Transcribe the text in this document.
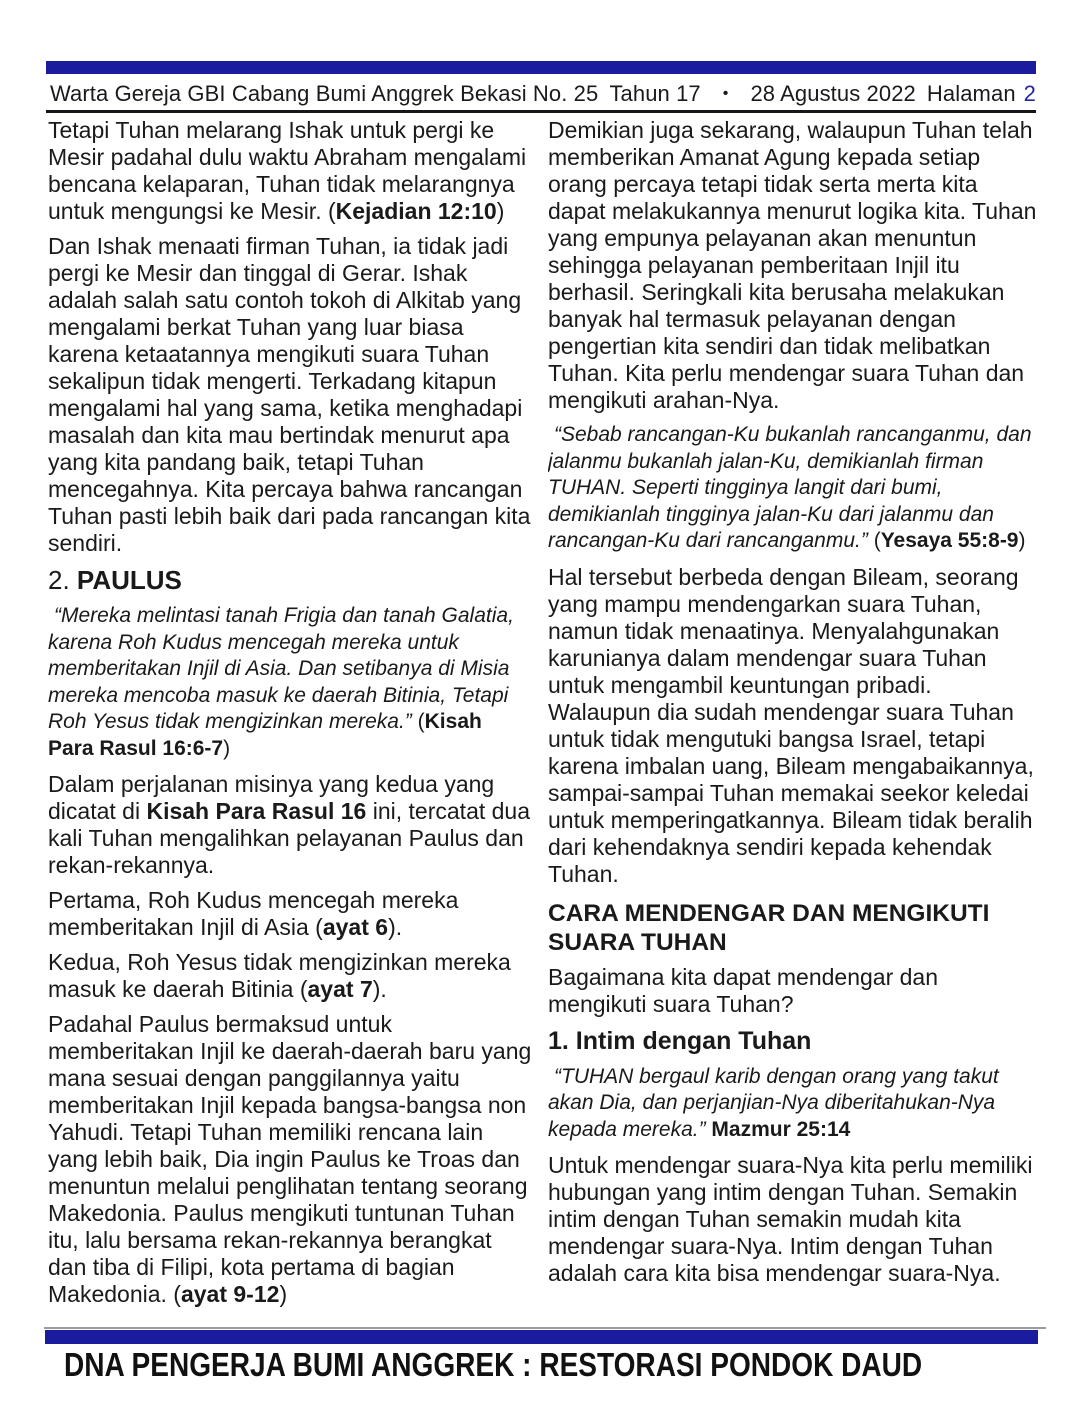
Warta Gereja GBI Cabang Bumi Anggrek Bekasi No. 25 Tahun 17 • 28 Agustus 2022 Halaman 2

Tetapi Tuhan melarang Ishak untuk pergi ke Mesir padahal dulu waktu Abraham mengalami bencana kelaparan, Tuhan tidak melarangnya untuk mengungsi ke Mesir. (Kejadian 12:10)

Dan Ishak menaati firman Tuhan, ia tidak jadi pergi ke Mesir dan tinggal di Gerar. Ishak adalah salah satu contoh tokoh di Alkitab yang mengalami berkat Tuhan yang luar biasa karena ketaatannya mengikuti suara Tuhan sekalipun tidak mengerti. Terkadang kitapun mengalami hal yang sama, ketika menghadapi masalah dan kita mau bertindak menurut apa yang kita pandang baik, tetapi Tuhan mencegahnya. Kita percaya bahwa rancangan Tuhan pasti lebih baik dari pada rancangan kita sendiri.

2. PAULUS

“Mereka melintasi tanah Frigia dan tanah Galatia, karena Roh Kudus mencegah mereka untuk memberitakan Injil di Asia. Dan setibanya di Misia mereka mencoba masuk ke daerah Bitinia, Tetapi Roh Yesus tidak mengizinkan mereka.” (Kisah Para Rasul 16:6-7)

Dalam perjalanan misinya yang kedua yang dicatat di Kisah Para Rasul 16 ini, tercatat dua kali Tuhan mengalihkan pelayanan Paulus dan rekan-rekannya.

Pertama, Roh Kudus mencegah mereka memberitakan Injil di Asia (ayat 6).

Kedua, Roh Yesus tidak mengizinkan mereka masuk ke daerah Bitinia (ayat 7).

Padahal Paulus bermaksud untuk memberitakan Injil ke daerah-daerah baru yang mana sesuai dengan panggilannya yaitu memberitakan Injil kepada bangsa-bangsa non Yahudi. Tetapi Tuhan memiliki rencana lain yang lebih baik, Dia ingin Paulus ke Troas dan menuntun melalui penglihatan tentang seorang Makedonia. Paulus mengikuti tuntunan Tuhan itu, lalu bersama rekan-rekannya berangkat dan tiba di Filipi, kota pertama di bagian Makedonia. (ayat 9-12)

Demikian juga sekarang, walaupun Tuhan telah memberikan Amanat Agung kepada setiap orang percaya tetapi tidak serta merta kita dapat melakukannya menurut logika kita. Tuhan yang empunya pelayanan akan menuntun sehingga pelayanan pemberitaan Injil itu berhasil. Seringkali kita berusaha melakukan banyak hal termasuk pelayanan dengan pengertian kita sendiri dan tidak melibatkan Tuhan. Kita perlu mendengar suara Tuhan dan mengikuti arahan-Nya.

“Sebab rancangan-Ku bukanlah rancanganmu, dan jalanmu bukanlah jalan-Ku, demikianlah firman TUHAN. Seperti tingginya langit dari bumi, demikianlah tingginya jalan-Ku dari jalanmu dan rancangan-Ku dari rancanganmu.” (Yesaya 55:8-9)

Hal tersebut berbeda dengan Bileam, seorang yang mampu mendengarkan suara Tuhan, namun tidak menaatinya. Menyalahgunakan karunianya dalam mendengar suara Tuhan untuk mengambil keuntungan pribadi. Walaupun dia sudah mendengar suara Tuhan untuk tidak mengutuki bangsa Israel, tetapi karena imbalan uang, Bileam mengabaikannya, sampai-sampai Tuhan memakai seekor keledai untuk memperingatkannya. Bileam tidak beralih dari kehendaknya sendiri kepada kehendak Tuhan.

CARA MENDENGAR DAN MENGIKUTI SUARA TUHAN

Bagaimana kita dapat mendengar dan mengikuti suara Tuhan?

1. Intim dengan Tuhan

“TUHAN bergaul karib dengan orang yang takut akan Dia, dan perjanjian-Nya diberitahukan-Nya kepada mereka.” Mazmur 25:14

Untuk mendengar suara-Nya kita perlu memiliki hubungan yang intim dengan Tuhan. Semakin intim dengan Tuhan semakin mudah kita mendengar suara-Nya. Intim dengan Tuhan adalah cara kita bisa mendengar suara-Nya.

DNA PENGERJA BUMI ANGGREK : RESTORASI PONDOK DAUD
